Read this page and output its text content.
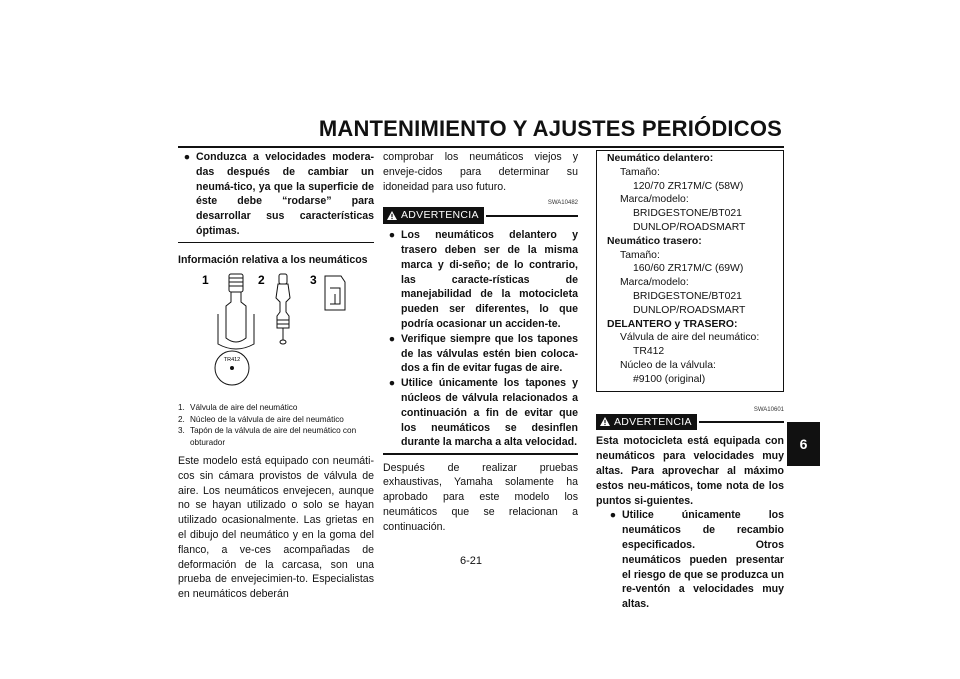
MANTENIMIENTO Y AJUSTES PERIÓDICOS
6
6-21
● Conduzca a velocidades modera-das después de cambiar un neumá-tico, ya que la superficie de éste debe “rodarse” para desarrollar sus características óptimas.

Información relativa a los neumáticos

1	2	3
TR412
1. Válvula de aire del neumático
2. Núcleo de la válvula de aire del neumático
3. Tapón de la válvula de aire del neumático con obturador

Este modelo está equipado con neumáti-cos sin cámara provistos de válvula de aire. Los neumáticos envejecen, aunque no se hayan utilizado o solo se hayan utilizado ocasionalmente. Las grietas en el dibujo del neumático y en la goma del flanco, a ve-ces acompañadas de deformación de la carcasa, son una prueba de envejecimien-to. Especialistas en neumáticos deberán

comprobar los neumáticos viejos y enveje-cidos para determinar su idoneidad para uso futuro.

SWA10482
ADVERTENCIA
● Los neumáticos delantero y trasero deben ser de la misma marca y di-seño; de lo contrario, las caracte-rísticas de manejabilidad de la motocicleta pueden ser diferentes, lo que podría ocasionar un acciden-te.
● Verifique siempre que los tapones de las válvulas estén bien coloca-dos a fin de evitar fugas de aire.
● Utilice únicamente los tapones y núcleos de válvula relacionados a continuación a fin de evitar que los neumáticos se desinflen durante la marcha a alta velocidad.

Después de realizar pruebas exhaustivas, Yamaha solamente ha aprobado para este modelo los neumáticos que se relacionan a continuación.

Neumático delantero:
Tamaño:
120/70 ZR17M/C (58W)
Marca/modelo:
BRIDGESTONE/BT021
DUNLOP/ROADSMART
Neumático trasero:
Tamaño:
160/60 ZR17M/C (69W)
Marca/modelo:
BRIDGESTONE/BT021
DUNLOP/ROADSMART
DELANTERO y TRASERO:
Válvula de aire del neumático:
TR412
Núcleo de la válvula:
#9100 (original)
SWA10601
ADVERTENCIA

Esta motocicleta está equipada con neumáticos para velocidades muy altas. Para aprovechar al máximo estos neu-máticos, tome nota de los puntos si-guientes.

● Utilice únicamente los neumáticos de recambio especificados. Otros neumáticos pueden presentar el riesgo de que se produzca un re-ventón a velocidades muy altas.
